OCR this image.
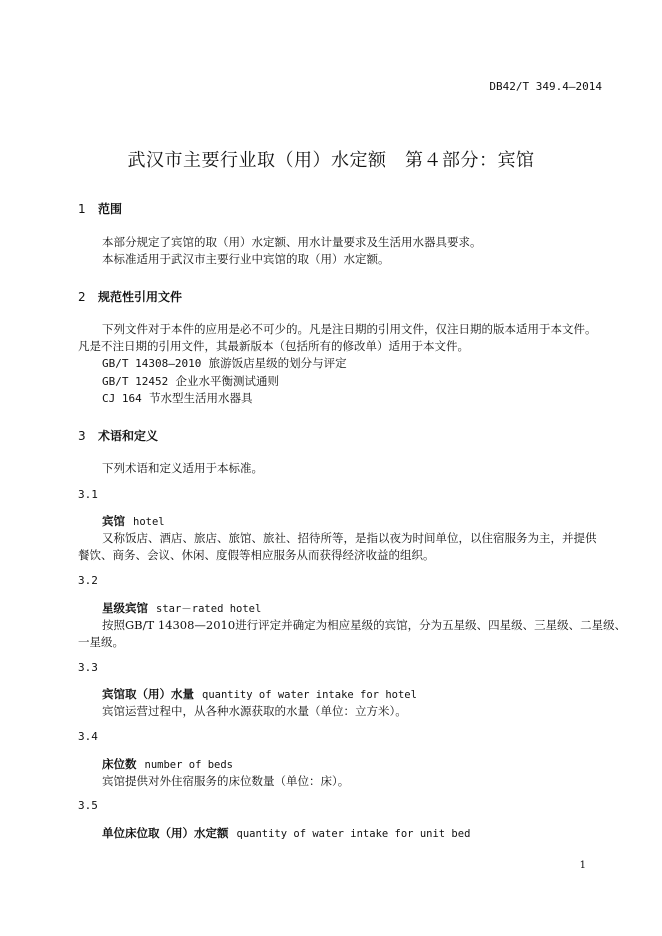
DB42/T 349.4—2014
武汉市主要行业取（用）水定额　第４部分：宾馆
1 范围
本部分规定了宾馆的取（用）水定额、用水计量要求及生活用水器具要求。
本标准适用于武汉市主要行业中宾馆的取（用）水定额。
2 规范性引用文件
下列文件对于本件的应用是必不可少的。凡是注日期的引用文件，仅注日期的版本适用于本文件。
凡是不注日期的引用文件，其最新版本（包括所有的修改单）适用于本文件。
GB/T 14308—2010 旅游饭店星级的划分与评定
GB/T 12452 企业水平衡测试通则
CJ 164 节水型生活用水器具
3 术语和定义
下列术语和定义适用于本标准。
3.1
宾馆 hotel
又称饭店、酒店、旅店、旅馆、旅社、招待所等，是指以夜为时间单位，以住宿服务为主，并提供
餐饮、商务、会议、休闲、度假等相应服务从而获得经济收益的组织。
3.2
星级宾馆 star－rated hotel
按照GB/T 14308—2010进行评定并确定为相应星级的宾馆，分为五星级、四星级、三星级、二星级、
一星级。
3.3
宾馆取（用）水量 quantity of water intake for hotel
宾馆运营过程中，从各种水源获取的水量（单位：立方米）。
3.4
床位数 number of beds
宾馆提供对外住宿服务的床位数量（单位：床）。
3.5
单位床位取（用）水定额 quantity of water intake for unit bed
1
